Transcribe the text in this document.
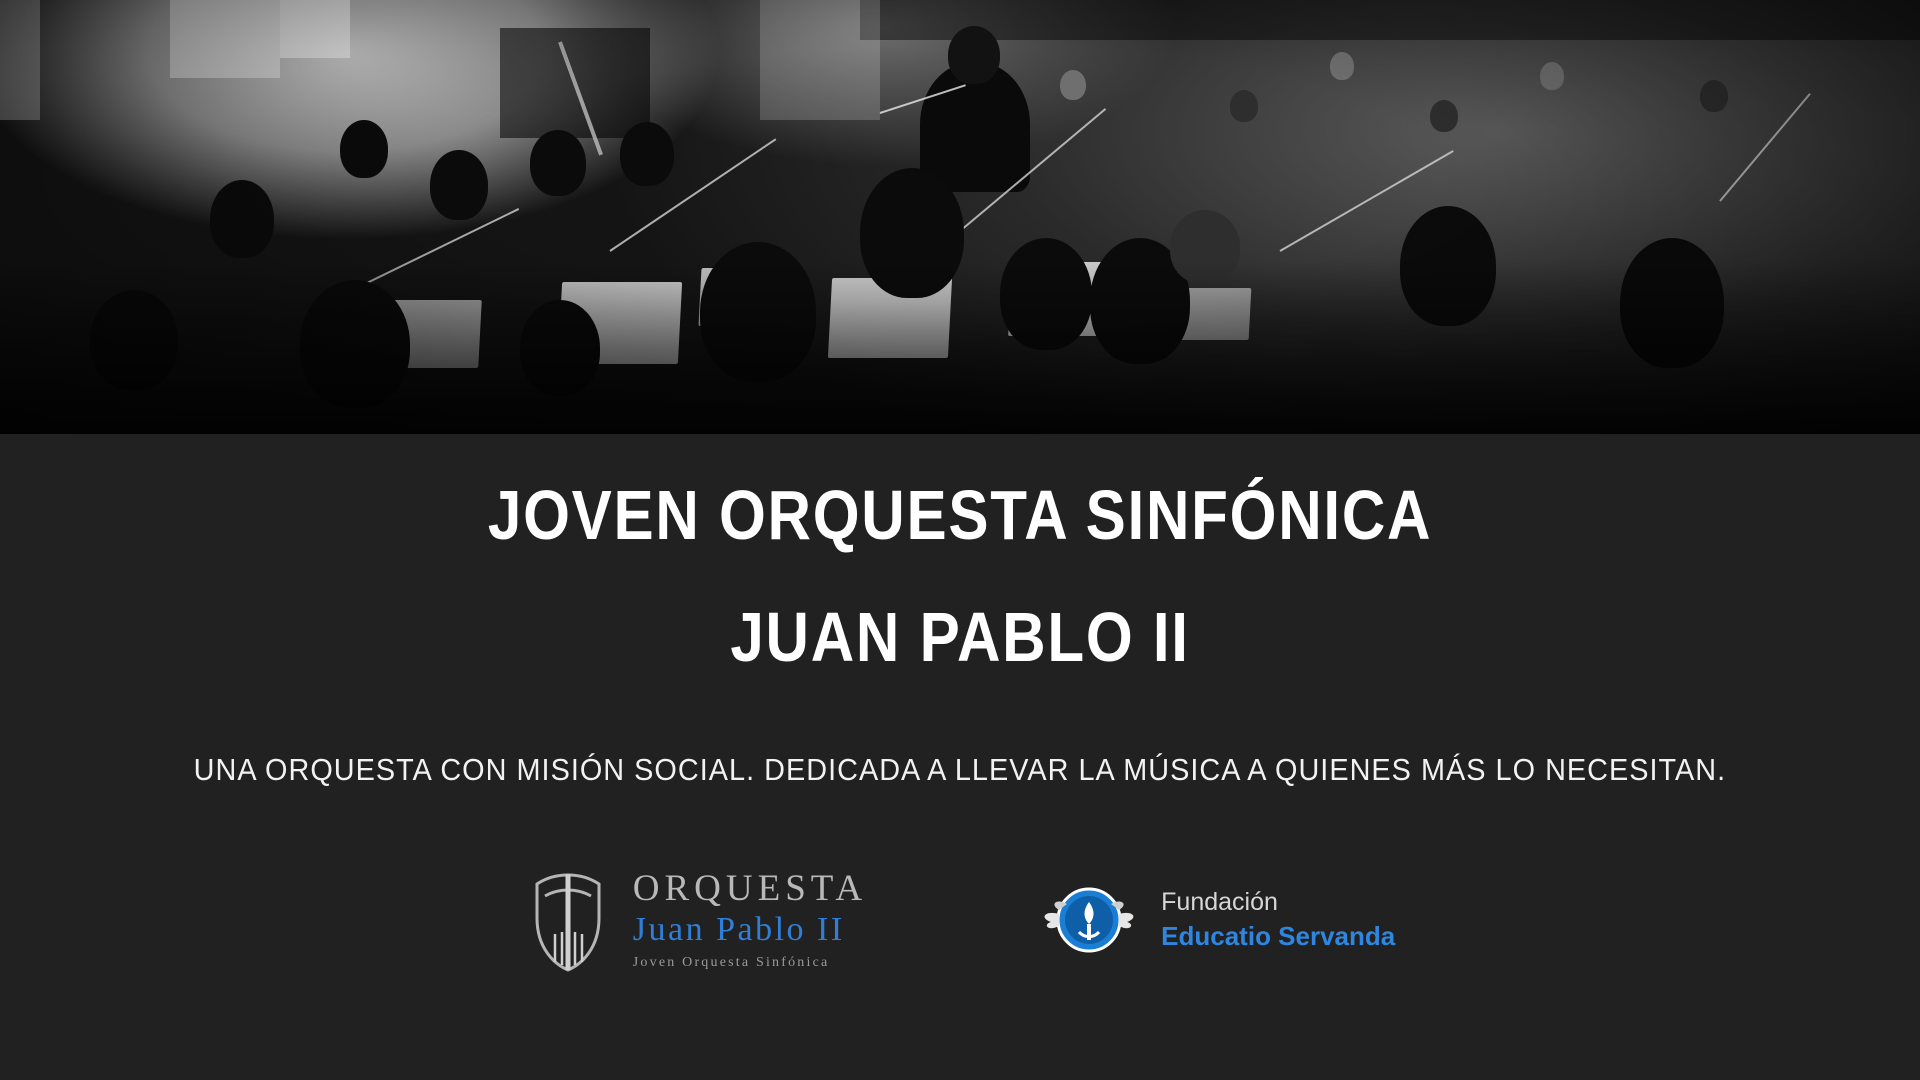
JOVEN ORQUESTA SINFÓNICA
JUAN PABLO II
UNA ORQUESTA CON MISIÓN SOCIAL. DEDICADA A LLEVAR LA MÚSICA A QUIENES MÁS LO NECESITAN.
ORQUESTA
Juan Pablo II
Joven Orquesta Sinfónica
Fundación
Educatio Servanda
